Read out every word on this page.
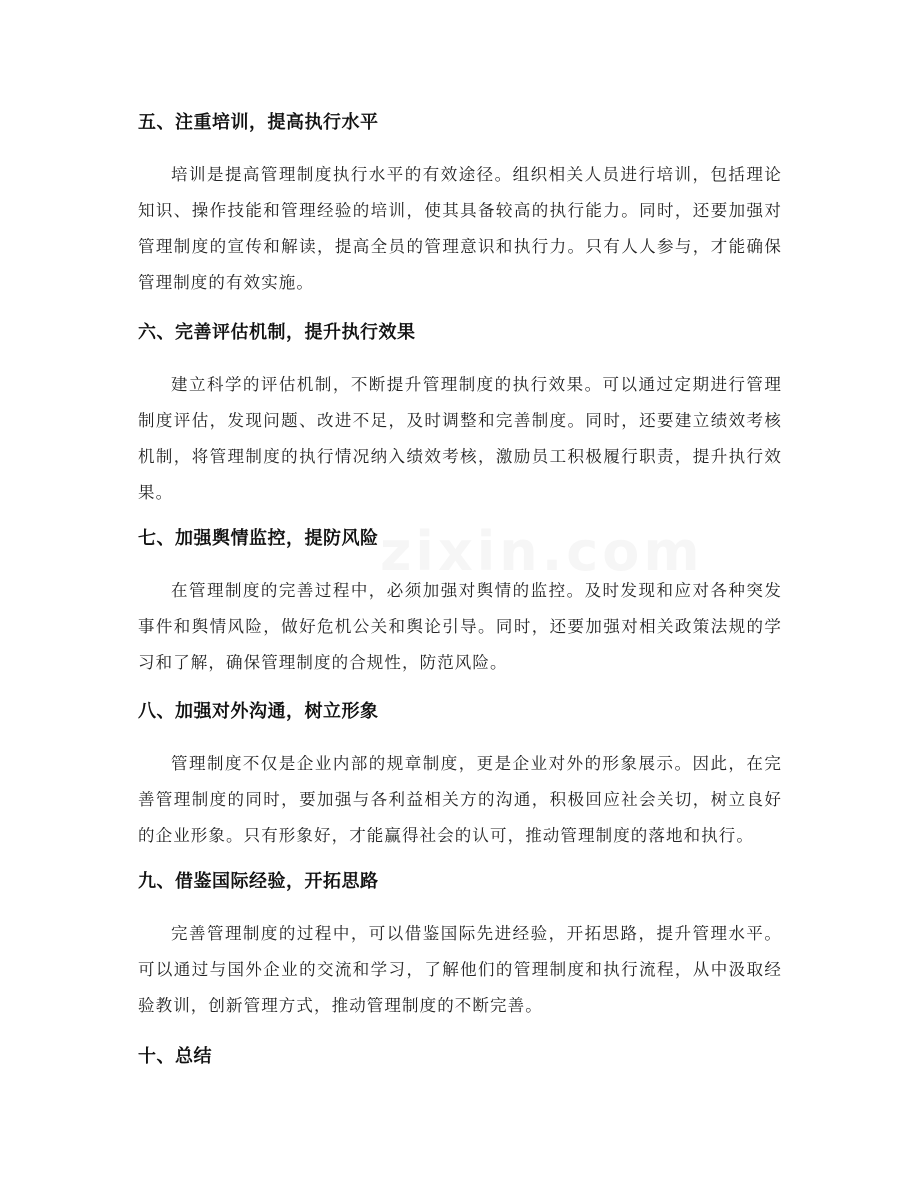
zixin.com
五、注重培训，提高执行水平

培训是提高管理制度执行水平的有效途径。组织相关人员进行培训，包括理论知识、操作技能和管理经验的培训，使其具备较高的执行能力。同时，还要加强对管理制度的宣传和解读，提高全员的管理意识和执行力。只有人人参与，才能确保管理制度的有效实施。

六、完善评估机制，提升执行效果

建立科学的评估机制，不断提升管理制度的执行效果。可以通过定期进行管理制度评估，发现问题、改进不足，及时调整和完善制度。同时，还要建立绩效考核机制，将管理制度的执行情况纳入绩效考核，激励员工积极履行职责，提升执行效果。

七、加强舆情监控，提防风险

在管理制度的完善过程中，必须加强对舆情的监控。及时发现和应对各种突发事件和舆情风险，做好危机公关和舆论引导。同时，还要加强对相关政策法规的学习和了解，确保管理制度的合规性，防范风险。

八、加强对外沟通，树立形象

管理制度不仅是企业内部的规章制度，更是企业对外的形象展示。因此，在完善管理制度的同时，要加强与各利益相关方的沟通，积极回应社会关切，树立良好的企业形象。只有形象好，才能赢得社会的认可，推动管理制度的落地和执行。

九、借鉴国际经验，开拓思路

完善管理制度的过程中，可以借鉴国际先进经验，开拓思路，提升管理水平。可以通过与国外企业的交流和学习，了解他们的管理制度和执行流程，从中汲取经验教训，创新管理方式，推动管理制度的不断完善。

十、总结
